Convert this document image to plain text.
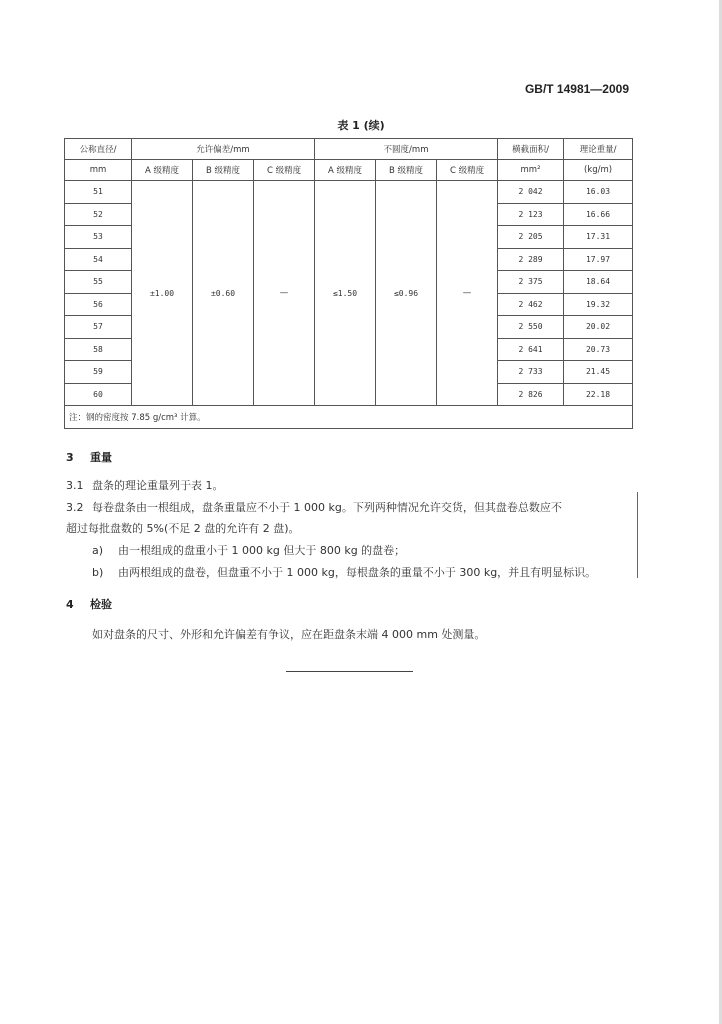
GB/T 14981—2009
表 1 (续)
公称直径/	允许偏差/mm			不圆度/mm			横截面积/	理论重量/
mm	A 级精度	B 级精度	C 级精度	A 级精度	B 级精度	C 级精度	mm²	(kg/m)
51	±1.00	±0.60	—	≤1.50	≤0.96	—	2 042	16.03
52							2 123	16.66
53							2 205	17.31
54							2 289	17.97
55							2 375	18.64
56							2 462	19.32
57							2 550	20.02
58							2 641	20.73
59							2 733	21.45
60							2 826	22.18
注：钢的密度按 7.85 g/cm³ 计算。								
3 重量
3.1 盘条的理论重量列于表 1。
3.2 每卷盘条由一根组成，盘条重量应不小于 1 000 kg。下列两种情况允许交货，但其盘卷总数应不
超过每批盘数的 5%(不足 2 盘的允许有 2 盘)。
a) 由一根组成的盘重小于 1 000 kg 但大于 800 kg 的盘卷；
b) 由两根组成的盘卷，但盘重不小于 1 000 kg，每根盘条的重量不小于 300 kg，并且有明显标识。
4 检验
如对盘条的尺寸、外形和允许偏差有争议，应在距盘条末端 4 000 mm 处测量。
